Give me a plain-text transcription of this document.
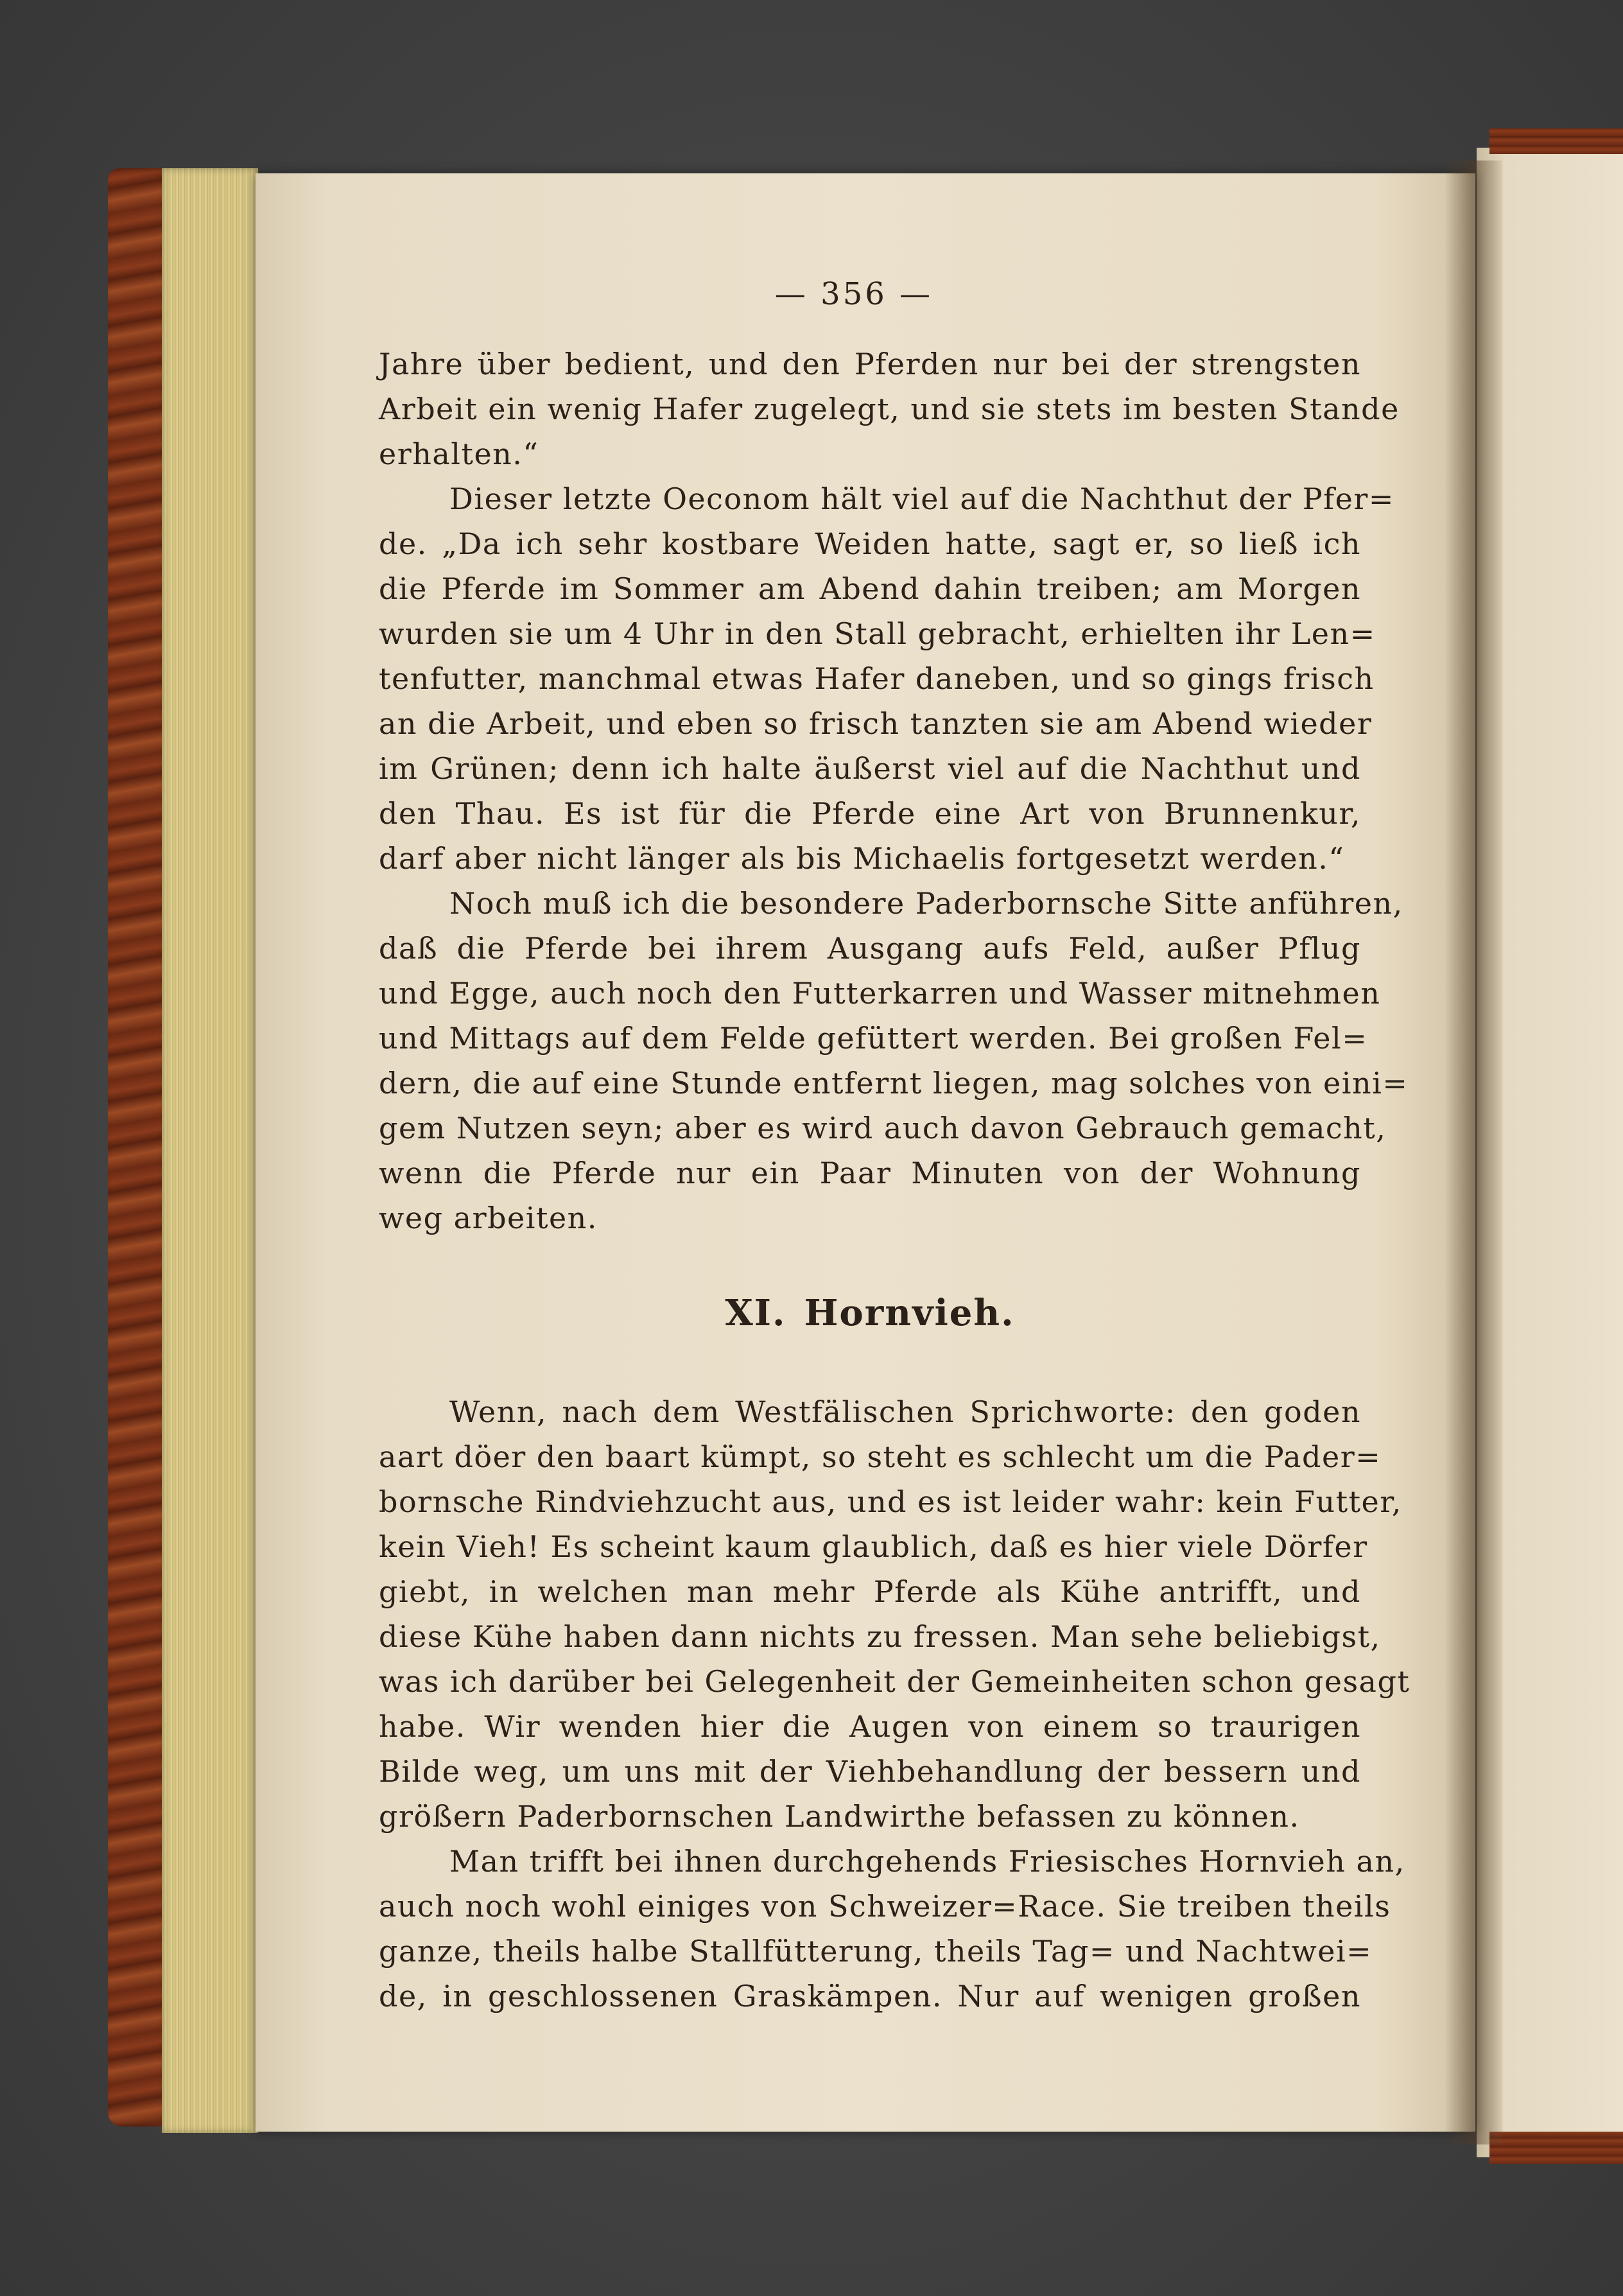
— 356 —
Jahre über bedient, und den Pferden nur bei der strengsten
Arbeit ein wenig Hafer zugelegt, und sie stets im besten Stande
erhalten.“
Dieser letzte Oeconom hält viel auf die Nachthut der Pfer=
de. „Da ich sehr kostbare Weiden hatte, sagt er, so ließ ich
die Pferde im Sommer am Abend dahin treiben; am Morgen
wurden sie um 4 Uhr in den Stall gebracht, erhielten ihr Len=
tenfutter, manchmal etwas Hafer daneben, und so gings frisch
an die Arbeit, und eben so frisch tanzten sie am Abend wieder
im Grünen; denn ich halte äußerst viel auf die Nachthut und
den Thau. Es ist für die Pferde eine Art von Brunnenkur,
darf aber nicht länger als bis Michaelis fortgesetzt werden.“
Noch muß ich die besondere Paderbornsche Sitte anführen,
daß die Pferde bei ihrem Ausgang aufs Feld, außer Pflug
und Egge, auch noch den Futterkarren und Wasser mitnehmen
und Mittags auf dem Felde gefüttert werden. Bei großen Fel=
dern, die auf eine Stunde entfernt liegen, mag solches von eini=
gem Nutzen seyn; aber es wird auch davon Gebrauch gemacht,
wenn die Pferde nur ein Paar Minuten von der Wohnung
weg arbeiten.
XI. Hornvieh.
Wenn, nach dem Westfälischen Sprichworte: den goden
aart döer den baart kümpt, so steht es schlecht um die Pader=
bornsche Rindviehzucht aus, und es ist leider wahr: kein Futter,
kein Vieh! Es scheint kaum glaublich, daß es hier viele Dörfer
giebt, in welchen man mehr Pferde als Kühe antrifft, und
diese Kühe haben dann nichts zu fressen. Man sehe beliebigst,
was ich darüber bei Gelegenheit der Gemeinheiten schon gesagt
habe. Wir wenden hier die Augen von einem so traurigen
Bilde weg, um uns mit der Viehbehandlung der bessern und
größern Paderbornschen Landwirthe befassen zu können.
Man trifft bei ihnen durchgehends Friesisches Hornvieh an,
auch noch wohl einiges von Schweizer=Race. Sie treiben theils
ganze, theils halbe Stallfütterung, theils Tag= und Nachtwei=
de, in geschlossenen Graskämpen. Nur auf wenigen großen
